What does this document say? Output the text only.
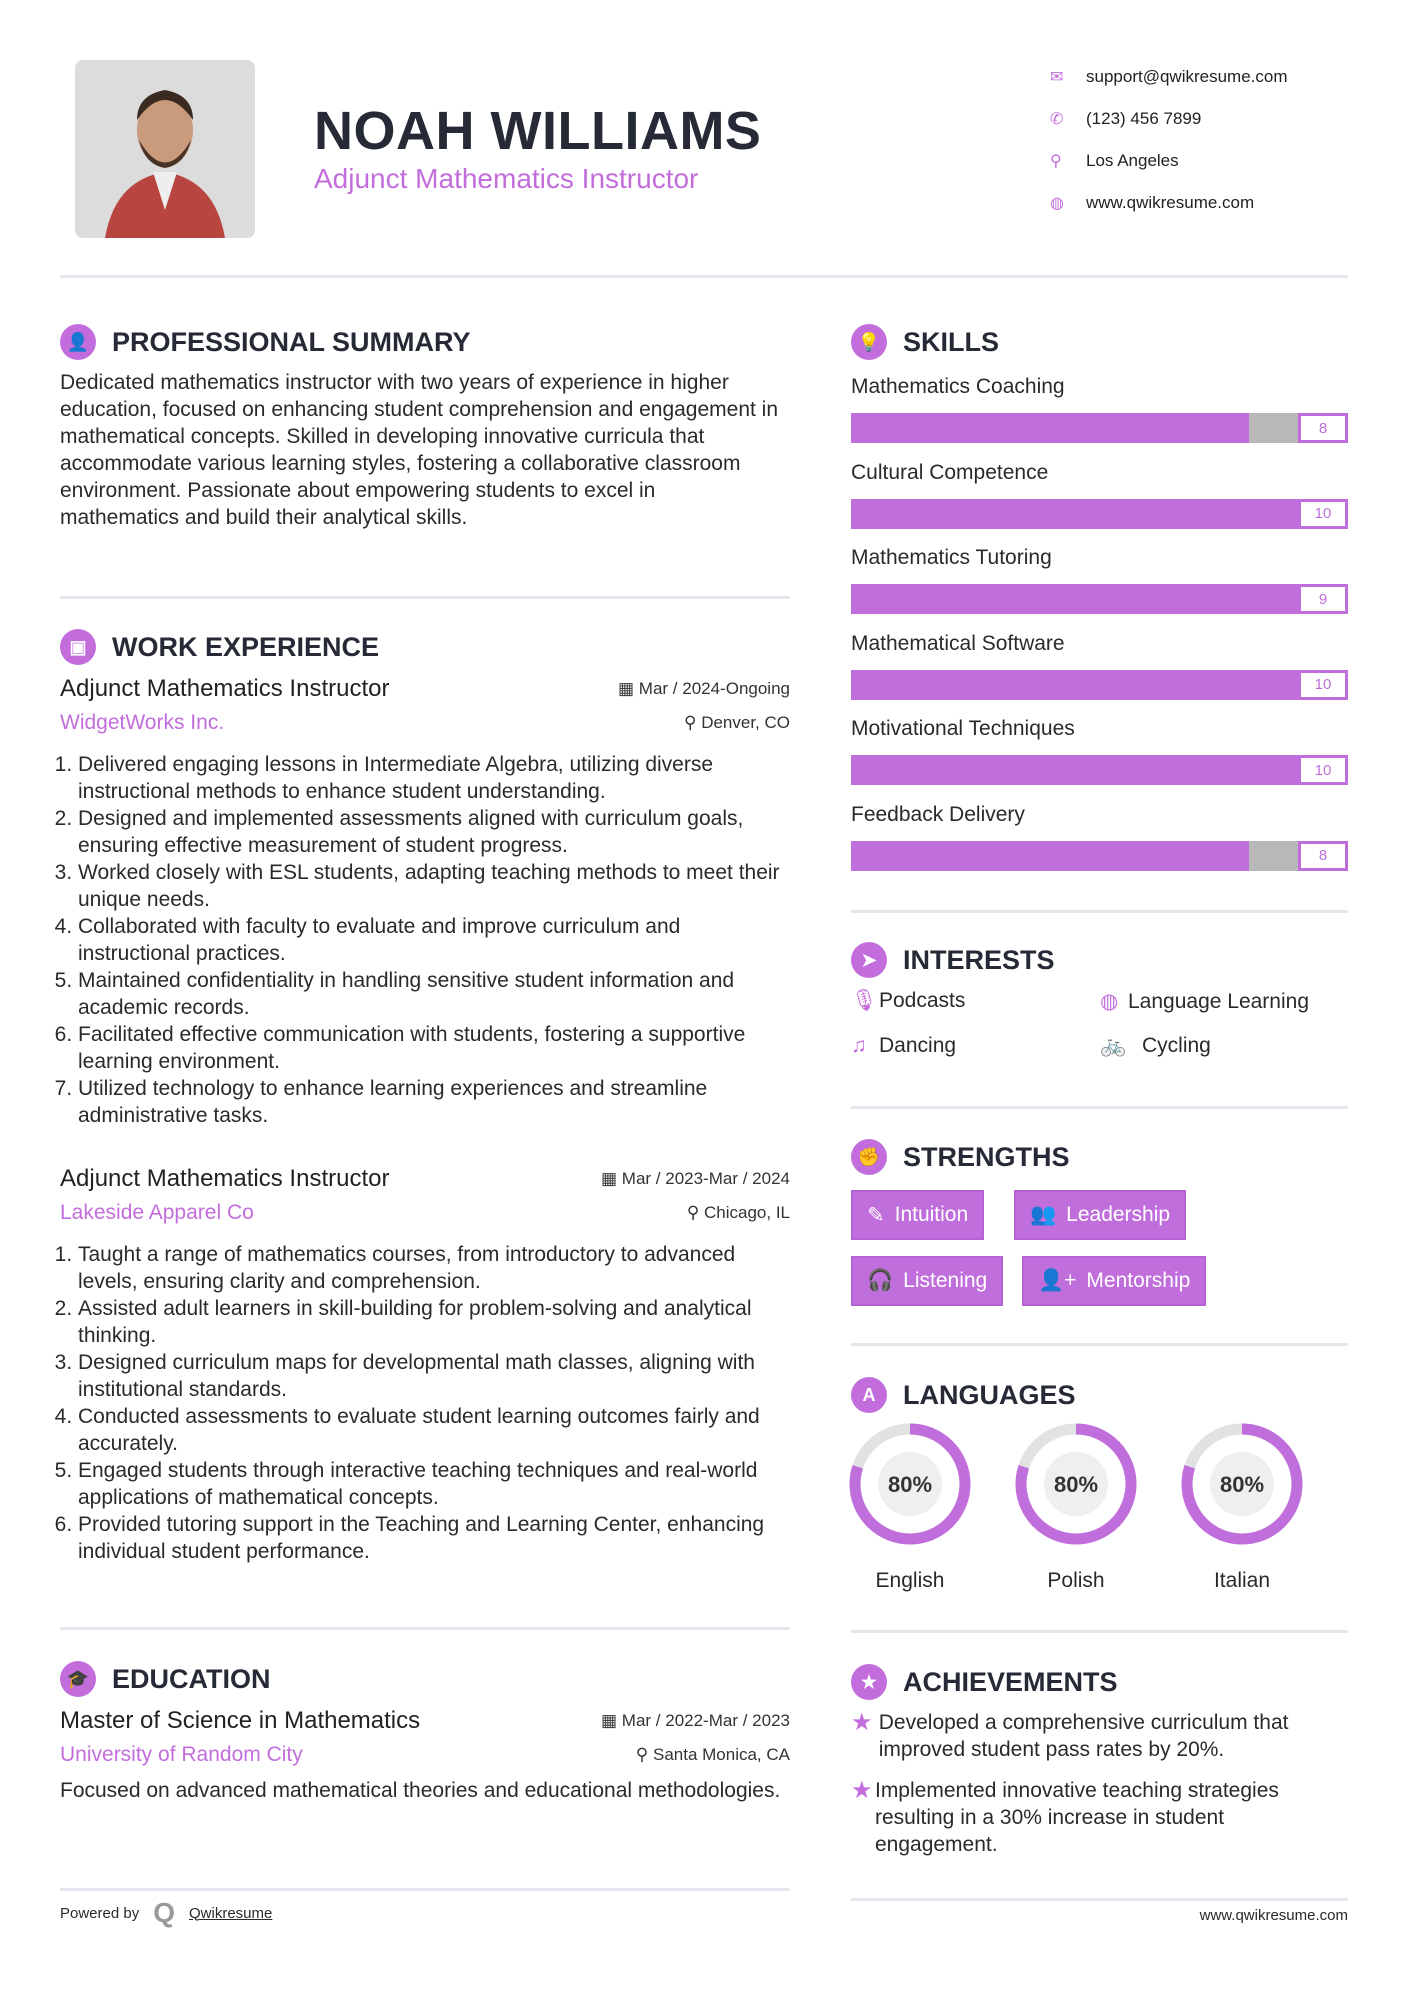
NOAH WILLIAMS
Adjunct Mathematics Instructor
✉	support@qwikresume.com
✆	(123) 456 7899
⚲	Los Angeles
◍	www.qwikresume.com
👤 PROFESSIONAL SUMMARY
Dedicated mathematics instructor with two years of experience in higher education, focused on enhancing student comprehension and engagement in mathematical concepts. Skilled in developing innovative curricula that accommodate various learning styles, fostering a collaborative classroom environment. Passionate about empowering students to excel in mathematics and build their analytical skills.
▣ WORK EXPERIENCE
Adjunct Mathematics Instructor	▦ Mar / 2024-Ongoing
WidgetWorks Inc.	⚲ Denver, CO
1. Delivered engaging lessons in Intermediate Algebra, utilizing diverse instructional methods to enhance student understanding.
2. Designed and implemented assessments aligned with curriculum goals, ensuring effective measurement of student progress.
3. Worked closely with ESL students, adapting teaching methods to meet their unique needs.
4. Collaborated with faculty to evaluate and improve curriculum and instructional practices.
5. Maintained confidentiality in handling sensitive student information and academic records.
6. Facilitated effective communication with students, fostering a supportive learning environment.
7. Utilized technology to enhance learning experiences and streamline administrative tasks.
Adjunct Mathematics Instructor	▦ Mar / 2023-Mar / 2024
Lakeside Apparel Co	⚲ Chicago, IL
1. Taught a range of mathematics courses, from introductory to advanced levels, ensuring clarity and comprehension.
2. Assisted adult learners in skill-building for problem-solving and analytical thinking.
3. Designed curriculum maps for developmental math classes, aligning with institutional standards.
4. Conducted assessments to evaluate student learning outcomes fairly and accurately.
5. Engaged students through interactive teaching techniques and real-world applications of mathematical concepts.
6. Provided tutoring support in the Teaching and Learning Center, enhancing individual student performance.
🎓 EDUCATION
Master of Science in Mathematics	▦ Mar / 2022-Mar / 2023
University of Random City	⚲ Santa Monica, CA
Focused on advanced mathematical theories and educational methodologies.
Powered by Q Qwikresume
💡 SKILLS
Mathematics Coaching
8
Cultural Competence
10
Mathematics Tutoring
9
Mathematical Software
10
Motivational Techniques
10
Feedback Delivery
8
➤ INTERESTS
🎙 Podcasts	◍ Language Learning
♫ Dancing	🚲 Cycling
✊ STRENGTHS
✎ Intuition	👥 Leadership
🎧 Listening 👤+ Mentorship
A	LANGUAGES
80%
English
80%
Polish
80%
Italian
★ ACHIEVEMENTS
★ Developed a comprehensive curriculum that improved student pass rates by 20%.
★ Implemented innovative teaching strategies resulting in a 30% increase in student engagement.
www.qwikresume.com
